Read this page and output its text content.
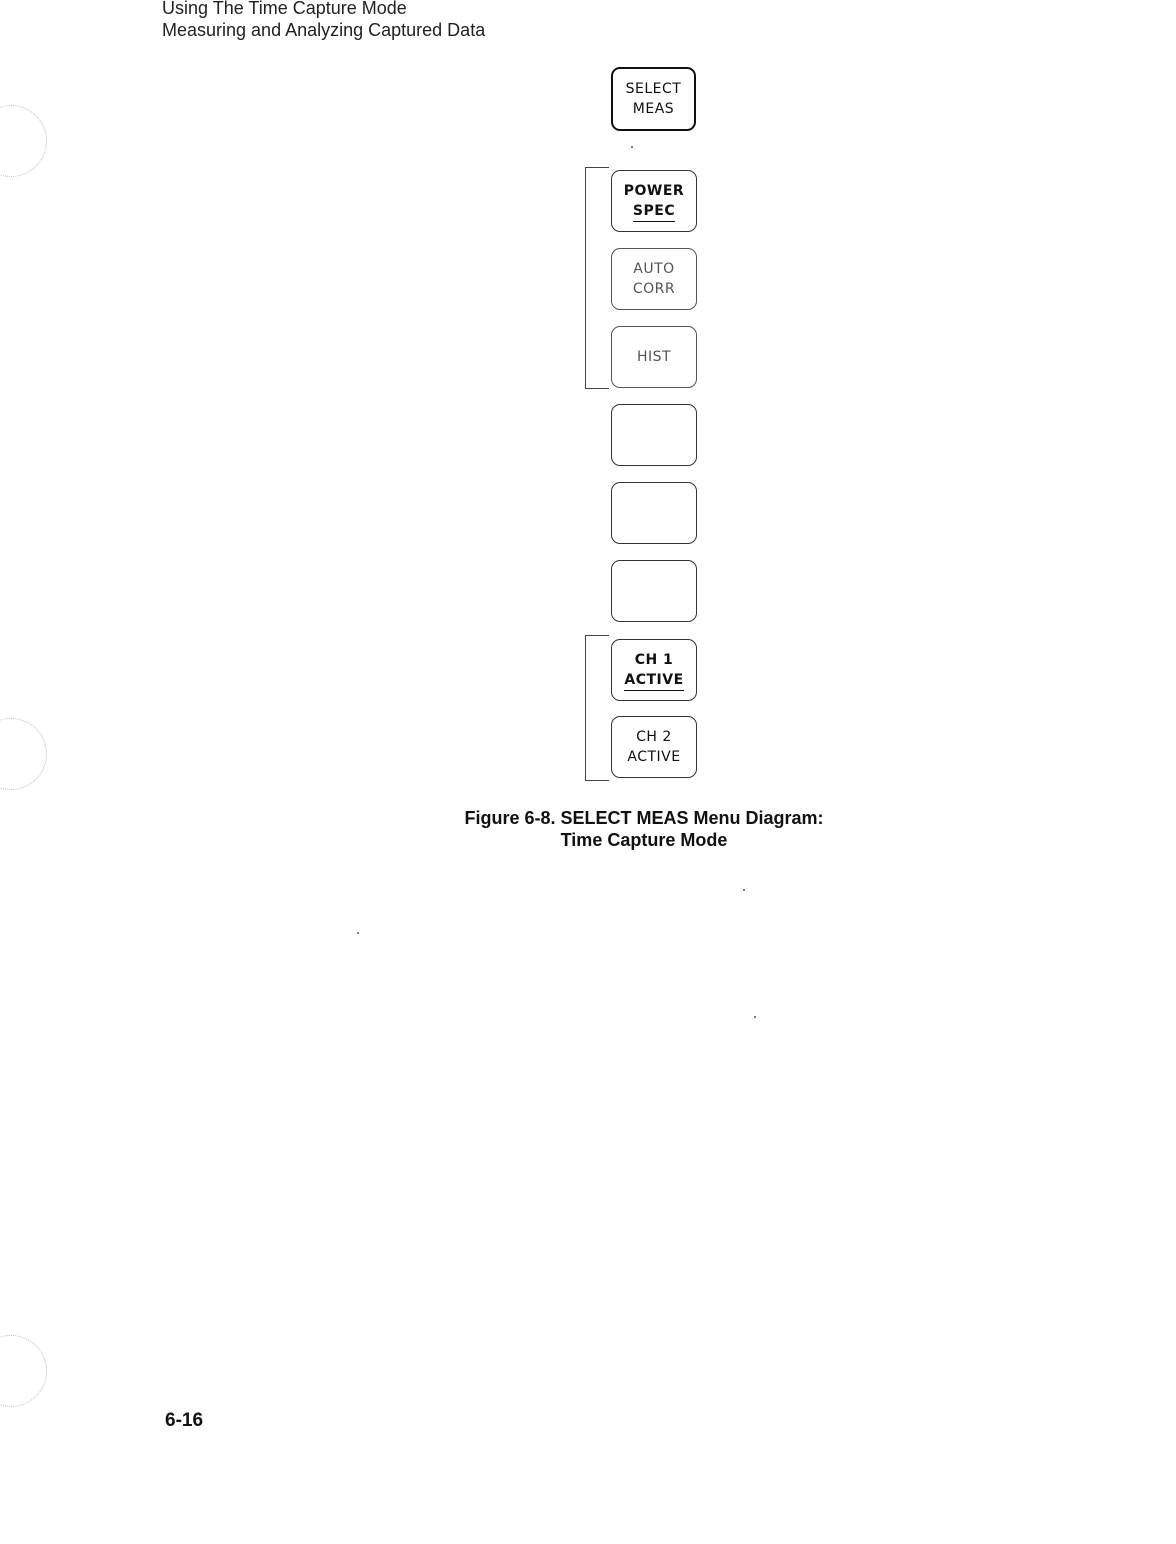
Using The Time Capture Mode
Measuring and Analyzing Captured Data
SELECT
MEAS
POWER
SPEC
AUTO
CORR
HIST
CH 1
ACTIVE
CH 2
ACTIVE
Figure 6-8. SELECT MEAS Menu Diagram:
Time Capture Mode
6-16
